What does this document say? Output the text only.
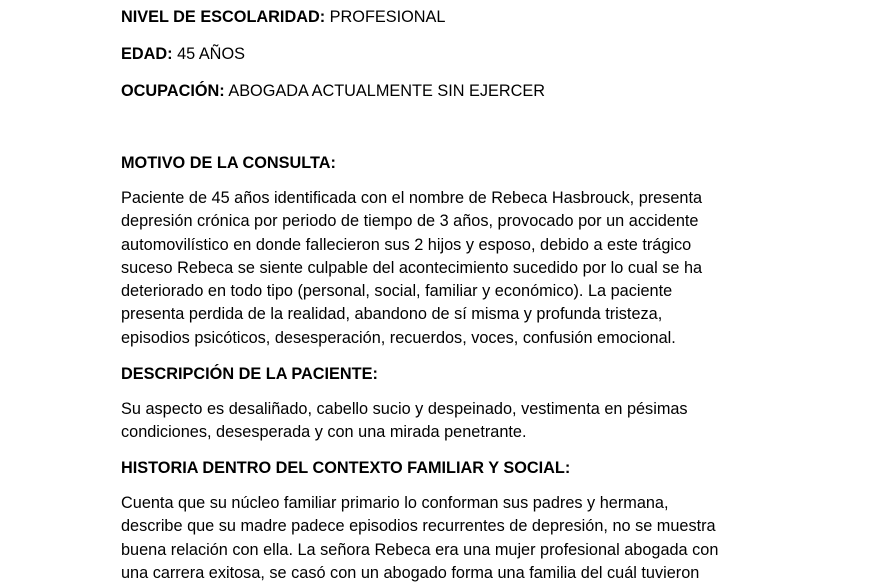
NIVEL DE ESCOLARIDAD: PROFESIONAL
EDAD: 45 AÑOS
OCUPACIÓN: ABOGADA ACTUALMENTE SIN EJERCER
MOTIVO DE LA CONSULTA:
Paciente de 45 años identificada con el nombre de Rebeca Hasbrouck, presenta
depresión crónica por periodo de tiempo de 3 años, provocado por un accidente
automovilístico en donde fallecieron sus 2 hijos y esposo, debido a este trágico
suceso Rebeca se siente culpable del acontecimiento sucedido por lo cual se ha
deteriorado en todo tipo (personal, social, familiar y económico). La paciente
presenta perdida de la realidad, abandono de sí misma y profunda tristeza,
episodios psicóticos, desesperación, recuerdos, voces, confusión emocional.
DESCRIPCIÓN DE LA PACIENTE:
Su aspecto es desaliñado, cabello sucio y despeinado, vestimenta en pésimas
condiciones, desesperada y con una mirada penetrante.
HISTORIA DENTRO DEL CONTEXTO FAMILIAR Y SOCIAL:
Cuenta que su núcleo familiar primario lo conforman sus padres y hermana,
describe que su madre padece episodios recurrentes de depresión, no se muestra
buena relación con ella. La señora Rebeca era una mujer profesional abogada con
una carrera exitosa, se casó con un abogado forma una familia del cuál tuvieron
